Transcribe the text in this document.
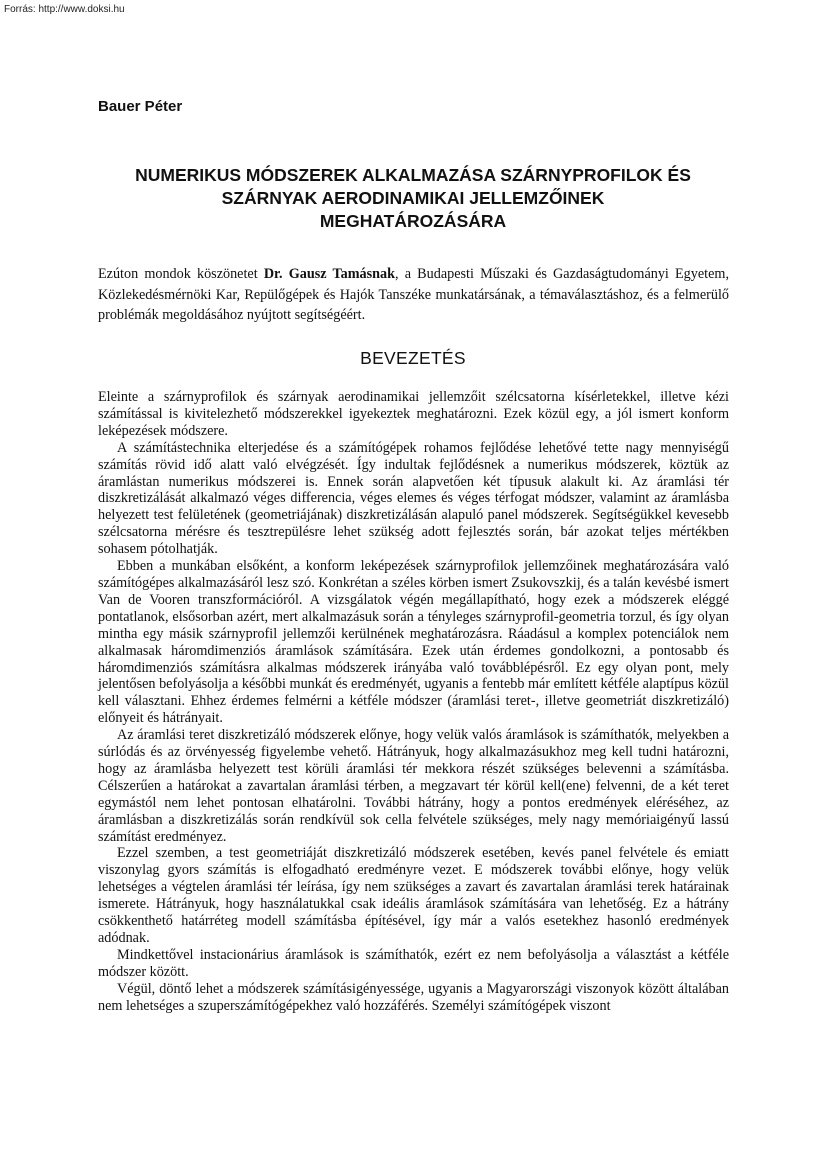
Forrás: http://www.doksi.hu
Bauer Péter
NUMERIKUS MÓDSZEREK ALKALMAZÁSA SZÁRNYPROFILOK ÉS
SZÁRNYAK AERODINAMIKAI JELLEMZŐINEK
MEGHATÁROZÁSÁRA

Ezúton mondok köszönetet Dr. Gausz Tamásnak, a Budapesti Műszaki és Gazdaságtudományi Egyetem, Közlekedésmérnöki Kar, Repülőgépek és Hajók Tanszéke munkatársának, a témaválasztáshoz, és a felmerülő problémák megoldásához nyújtott segítségéért.

BEVEZETÉS

Eleinte a szárnyprofilok és szárnyak aerodinamikai jellemzőit szélcsatorna kísérletekkel, illetve kézi számítással is kivitelezhető módszerekkel igyekeztek meghatározni. Ezek közül egy, a jól ismert konform leképezések módszere.

A számítástechnika elterjedése és a számítógépek rohamos fejlődése lehetővé tette nagy mennyiségű számítás rövid idő alatt való elvégzését. Így indultak fejlődésnek a numerikus módszerek, köztük az áramlástan numerikus módszerei is. Ennek során alapvetően két típusuk alakult ki. Az áramlási tér diszkretizálását alkalmazó véges differencia, véges elemes és véges térfogat módszer, valamint az áramlásba helyezett test felületének (geometriájának) diszkretizálásán alapuló panel módszerek. Segítségükkel kevesebb szélcsatorna mérésre és tesztrepülésre lehet szükség adott fejlesztés során, bár azokat teljes mértékben sohasem pótolhatják.

Ebben a munkában elsőként, a konform leképezések szárnyprofilok jellemzőinek meghatározására való számítógépes alkalmazásáról lesz szó. Konkrétan a széles körben ismert Zsukovszkij, és a talán kevésbé ismert Van de Vooren transzformációról. A vizsgálatok végén megállapítható, hogy ezek a módszerek eléggé pontatlanok, elsősorban azért, mert alkalmazásuk során a tényleges szárnyprofil-geometria torzul, és így olyan mintha egy másik szárnyprofil jellemzői kerülnének meghatározásra. Ráadásul a komplex potenciálok nem alkalmasak háromdimenziós áramlások számítására. Ezek után érdemes gondolkozni, a pontosabb és háromdimenziós számításra alkalmas módszerek irányába való továbblépésről. Ez egy olyan pont, mely jelentősen befolyásolja a későbbi munkát és eredményét, ugyanis a fentebb már említett kétféle alaptípus közül kell választani. Ehhez érdemes felmérni a kétféle módszer (áramlási teret-, illetve geometriát diszkretizáló) előnyeit és hátrányait.

Az áramlási teret diszkretizáló módszerek előnye, hogy velük valós áramlások is számíthatók, melyekben a súrlódás és az örvényesség figyelembe vehető. Hátrányuk, hogy alkalmazásukhoz meg kell tudni határozni, hogy az áramlásba helyezett test körüli áramlási tér mekkora részét szükséges belevenni a számításba. Célszerűen a határokat a zavartalan áramlási térben, a megzavart tér körül kell(ene) felvenni, de a két teret egymástól nem lehet pontosan elhatárolni. További hátrány, hogy a pontos eredmények eléréséhez, az áramlásban a diszkretizálás során rendkívül sok cella felvétele szükséges, mely nagy memóriaigényű lassú számítást eredményez.

Ezzel szemben, a test geometriáját diszkretizáló módszerek esetében, kevés panel felvétele és emiatt viszonylag gyors számítás is elfogadható eredményre vezet. E módszerek további előnye, hogy velük lehetséges a végtelen áramlási tér leírása, így nem szükséges a zavart és zavartalan áramlási terek határainak ismerete. Hátrányuk, hogy használatukkal csak ideális áramlások számítására van lehetőség. Ez a hátrány csökkenthető határréteg modell számításba építésével, így már a valós esetekhez hasonló eredmények adódnak.

Mindkettővel instacionárius áramlások is számíthatók, ezért ez nem befolyásolja a választást a kétféle módszer között.

Végül, döntő lehet a módszerek számításigényessége, ugyanis a Magyarországi viszonyok között általában nem lehetséges a szuperszámítógépekhez való hozzáférés. Személyi számítógépek viszont
